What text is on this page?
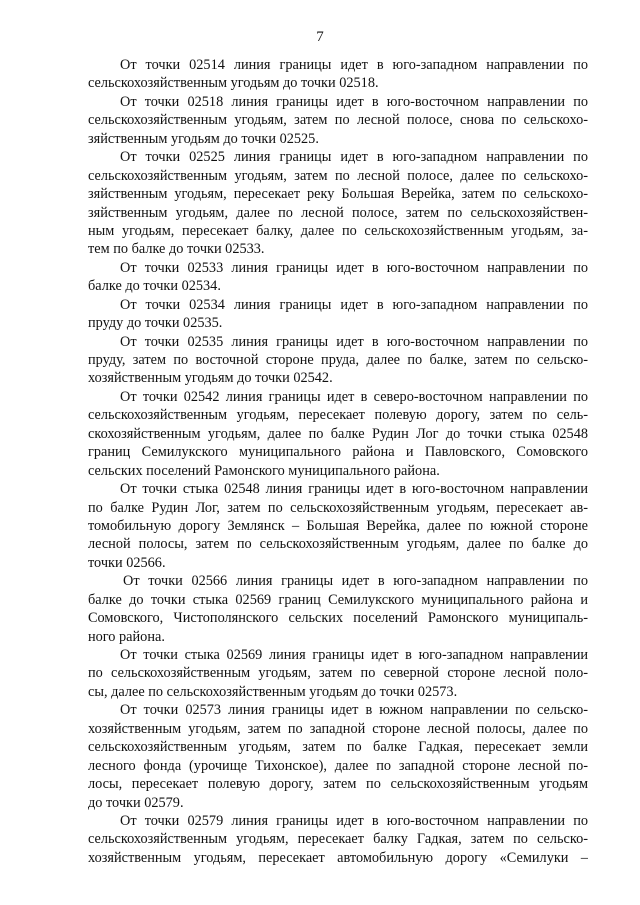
7

От точки 02514 линия границы идет в юго-западном направлении по
сельскохозяйственным угодьям до точки 02518.

От точки 02518 линия границы идет в юго-восточном направлении по
сельскохозяйственным угодьям, затем по лесной полосе, снова по сельскохо-
зяйственным угодьям до точки 02525.

От точки 02525 линия границы идет в юго-западном направлении по
сельскохозяйственным угодьям, затем по лесной полосе, далее по сельскохо-
зяйственным угодьям, пересекает реку Большая Верейка, затем по сельскохо-
зяйственным угодьям, далее по лесной полосе, затем по сельскохозяйствен-
ным угодьям, пересекает балку, далее по сельскохозяйственным угодьям, за-
тем по балке до точки 02533.

От точки 02533 линия границы идет в юго-восточном направлении по
балке до точки 02534.

От точки 02534 линия границы идет в юго-западном направлении по
пруду до точки 02535.

От точки 02535 линия границы идет в юго-восточном направлении по
пруду, затем по восточной стороне пруда, далее по балке, затем по сельско-
хозяйственным угодьям до точки 02542.

От точки 02542 линия границы идет в северо-восточном направлении по
сельскохозяйственным угодьям, пересекает полевую дорогу, затем по сель-
скохозяйственным угодьям, далее по балке Рудин Лог до точки стыка 02548
границ Семилукского муниципального района и Павловского, Сомовского
сельских поселений Рамонского муниципального района.

От точки стыка 02548 линия границы идет в юго-восточном направлении
по балке Рудин Лог, затем по сельскохозяйственным угодьям, пересекает ав-
томобильную дорогу Землянск – Большая Верейка, далее по южной стороне
лесной полосы, затем по сельскохозяйственным угодьям, далее по балке до
точки 02566.

От точки 02566 линия границы идет в юго-западном направлении по
балке до точки стыка 02569 границ Семилукского муниципального района и
Сомовского, Чистополянского сельских поселений Рамонского муниципаль-
ного района.

От точки стыка 02569 линия границы идет в юго-западном направлении
по сельскохозяйственным угодьям, затем по северной стороне лесной поло-
сы, далее по сельскохозяйственным угодьям до точки 02573.

От точки 02573 линия границы идет в южном направлении по сельско-
хозяйственным угодьям, затем по западной стороне лесной полосы, далее по
сельскохозяйственным угодьям, затем по балке Гадкая, пересекает земли
лесного фонда (урочище Тихонское), далее по западной стороне лесной по-
лосы, пересекает полевую дорогу, затем по сельскохозяйственным угодьям
до точки 02579.

От точки 02579 линия границы идет в юго-восточном направлении по
сельскохозяйственным угодьям, пересекает балку Гадкая, затем по сельско-
хозяйственным угодьям, пересекает автомобильную дорогу «Семилуки –
